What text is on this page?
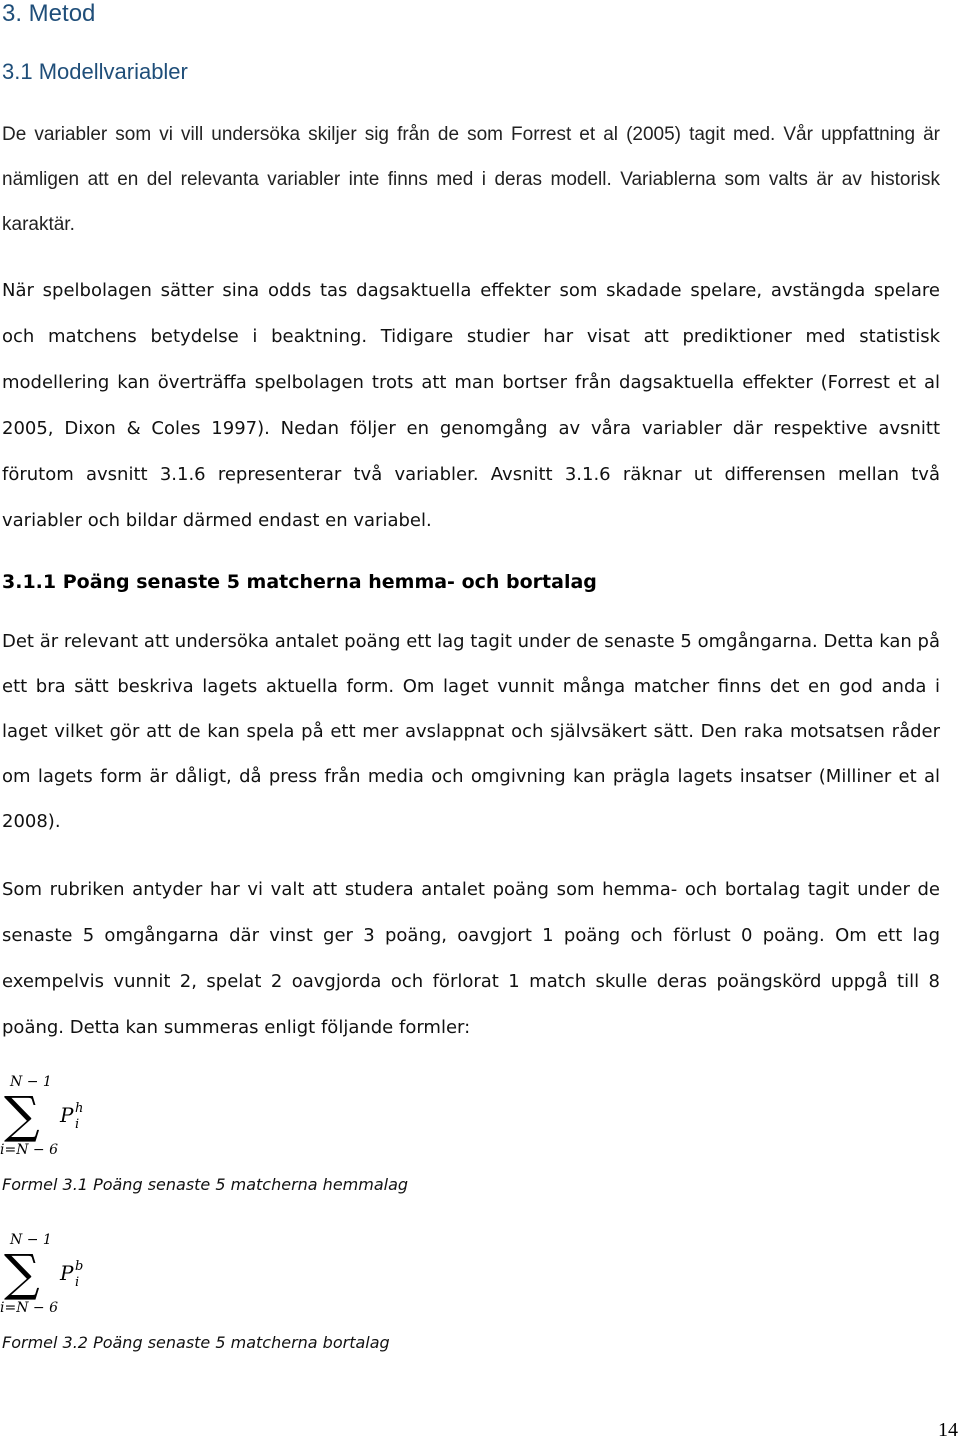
3. Metod
3.1 Modellvariabler

De variabler som vi vill undersöka skiljer sig från de som Forrest et al (2005) tagit med. Vår uppfattning är nämligen att en del relevanta variabler inte finns med i deras modell. Variablerna som valts är av historisk karaktär.

När spelbolagen sätter sina odds tas dagsaktuella effekter som skadade spelare, avstängda spelare och matchens betydelse i beaktning. Tidigare studier har visat att prediktioner med statistisk modellering kan överträffa spelbolagen trots att man bortser från dagsaktuella effekter (Forrest et al 2005, Dixon & Coles 1997). Nedan följer en genomgång av våra variabler där respektive avsnitt förutom avsnitt 3.1.6 representerar två variabler. Avsnitt 3.1.6 räknar ut differensen mellan två variabler och bildar därmed endast en variabel.

3.1.1 Poäng senaste 5 matcherna hemma- och bortalag

Det är relevant att undersöka antalet poäng ett lag tagit under de senaste 5 omgångarna. Detta kan på ett bra sätt beskriva lagets aktuella form. Om laget vunnit många matcher finns det en god anda i laget vilket gör att de kan spela på ett mer avslappnat och självsäkert sätt. Den raka motsatsen råder om lagets form är dåligt, då press från media och omgivning kan prägla lagets insatser (Milliner et al 2008).

Som rubriken antyder har vi valt att studera antalet poäng som hemma- och bortalag tagit under de senaste 5 omgångarna där vinst ger 3 poäng, oavgjort 1 poäng och förlust 0 poäng. Om ett lag exempelvis vunnit 2, spelat 2 oavgjorda och förlorat 1 match skulle deras poängskörd uppgå till 8 poäng. Detta kan summeras enligt följande formler:

N − 1
∑
i=N − 6
P h
i

Formel 3.1 Poäng senaste 5 matcherna hemmalag

N − 1
∑
i=N − 6
P b
i

Formel 3.2 Poäng senaste 5 matcherna bortalag

14
